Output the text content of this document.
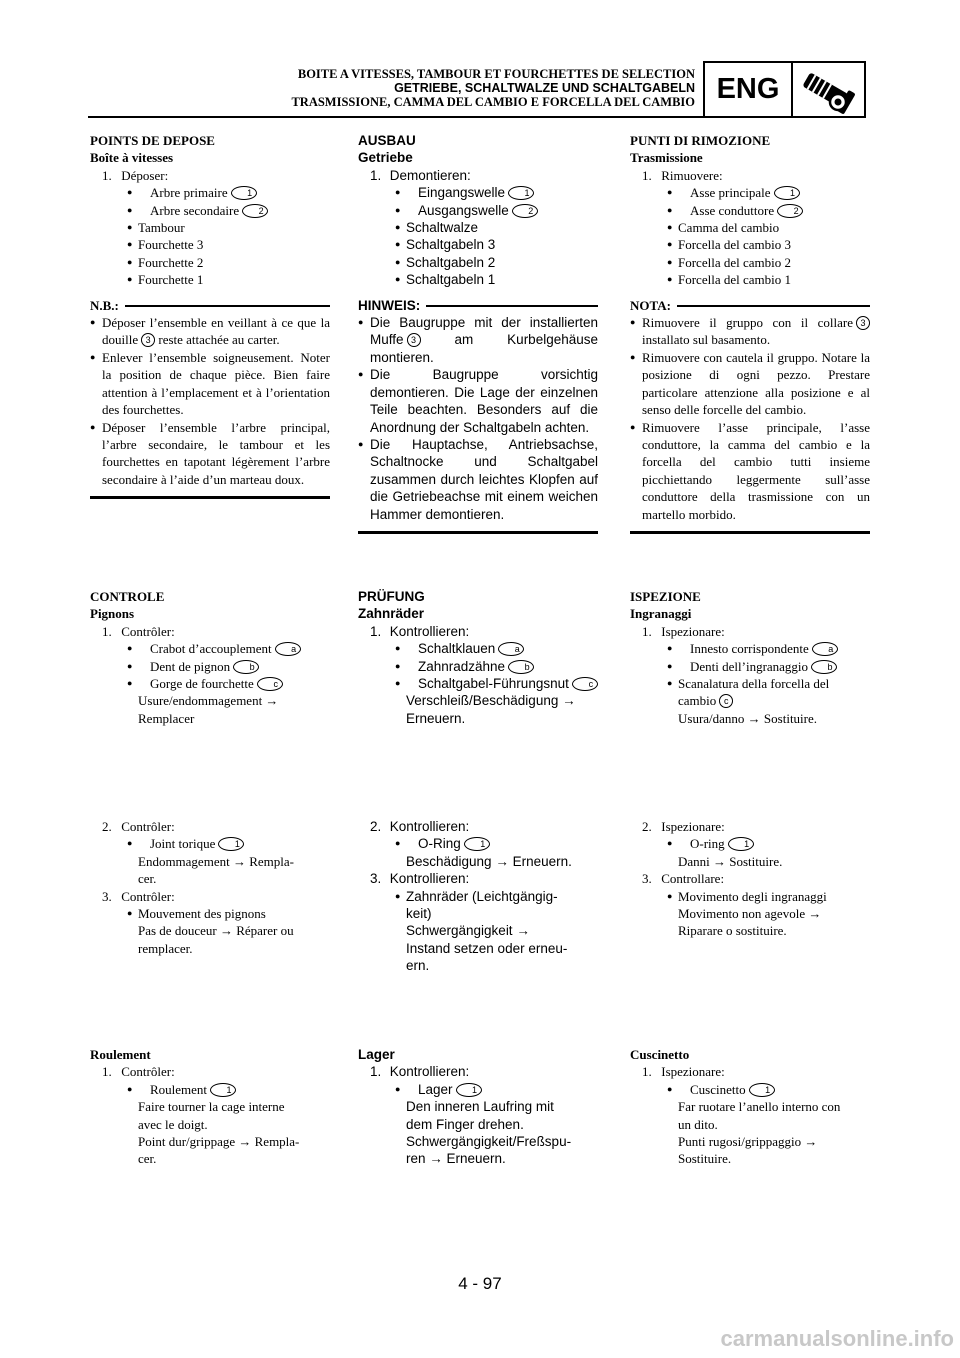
BOITE A VITESSES, TAMBOUR ET FOURCHETTES DE SELECTION
GETRIEBE, SCHALTWALZE UND SCHALTGABELN
TRASMISSIONE, CAMMA DEL CAMBIO E FORCELLA DEL CAMBIO ENG
POINTS DE DEPOSE
Boîte à vitesses
1. Déposer:
● Arbre primaire 1
● Arbre secondaire 2
● Tambour
● Fourchette 3
● Fourchette 2
● Fourchette 1
N.B.:
● Déposer l’ensemble en veillant à ce que la douille 3 reste attachée au carter.
● Enlever l’ensemble soigneusement. Noter la position de chaque pièce. Bien faire attention à l’emplacement et à l’orientation des fourchettes.
● Déposer l’ensemble l’arbre principal, l’arbre secondaire, le tambour et les fourchettes en tapotant légèrement l’arbre secondaire à l’aide d’un marteau doux.
CONTROLE
Pignons
1. Contrôler:
● Crabot d’accouplement a
● Dent de pignon b
● Gorge de fourchette c
Usure/endommagement →
Remplacer
2. Contrôler:
● Joint torique 1
Endommagement → Rempla-
cer.
3. Contrôler:
● Mouvement des pignons
Pas de douceur → Réparer ou
remplacer.
Roulement
1. Contrôler:
● Roulement 1
Faire tourner la cage interne
avec le doigt.
Point dur/grippage → Rempla-
cer.
AUSBAU
Getriebe
1. Demontieren:
● Eingangswelle 1
● Ausgangswelle 2
● Schaltwalze
● Schaltgabeln 3
● Schaltgabeln 2
● Schaltgabeln 1
HINWEIS:
● Die Baugruppe mit der installierten Muffe 3 am Kurbelgehäuse montieren.
● Die Baugruppe vorsichtig demontieren. Die Lage der einzelnen Teile beachten. Besonders auf die Anordnung der Schaltgabeln achten.
● Die Hauptachse, Antriebsachse, Schaltnocke und Schaltgabel zusammen durch leichtes Klopfen auf die Getriebeachse mit einem weichen Hammer demontieren.
PRÜFUNG
Zahnräder
1. Kontrollieren:
● Schaltklauen a
● Zahnradzähne b
● Schaltgabel-Führungsnut c
Verschleiß/Beschädigung →
Erneuern.
2. Kontrollieren:
● O-Ring 1
Beschädigung → Erneuern.
3. Kontrollieren:
● Zahnräder (Leichtgängig-
keit)
Schwergängigkeit →
Instand setzen oder erneu-
ern.
Lager
1. Kontrollieren:
● Lager 1
Den inneren Laufring mit
dem Finger drehen.
Schwergängigkeit/Freßspu-
ren → Erneuern.
PUNTI DI RIMOZIONE
Trasmissione
1. Rimuovere:
● Asse principale 1
● Asse conduttore 2
● Camma del cambio
● Forcella del cambio 3
● Forcella del cambio 2
● Forcella del cambio 1
NOTA:
● Rimuovere il gruppo con il collare 3 installato sul basamento.
● Rimuovere con cautela il gruppo. Notare la posizione di ogni pezzo. Prestare particolare attenzione alla posizione e al senso delle forcelle del cambio.
● Rimuovere l’asse principale, l’asse conduttore, la camma del cambio e la forcella del cambio tutti insieme picchiettando leggermente sull’asse conduttore della trasmissione con un martello morbido.
ISPEZIONE
Ingranaggi
1. Ispezionare:
● Innesto corrispondente a
● Denti dell’ingranaggio b
● Scanalatura della forcella del
cambio c
Usura/danno → Sostituire.
2. Ispezionare:
● O-ring 1
Danni → Sostituire.
3. Controllare:
● Movimento degli ingranaggi
Movimento non agevole →
Riparare o sostituire.
Cuscinetto
1. Ispezionare:
● Cuscinetto 1
Far ruotare l’anello interno con
un dito.
Punti rugosi/grippaggio →
Sostituire.
4 - 97
carmanualsonline.info
